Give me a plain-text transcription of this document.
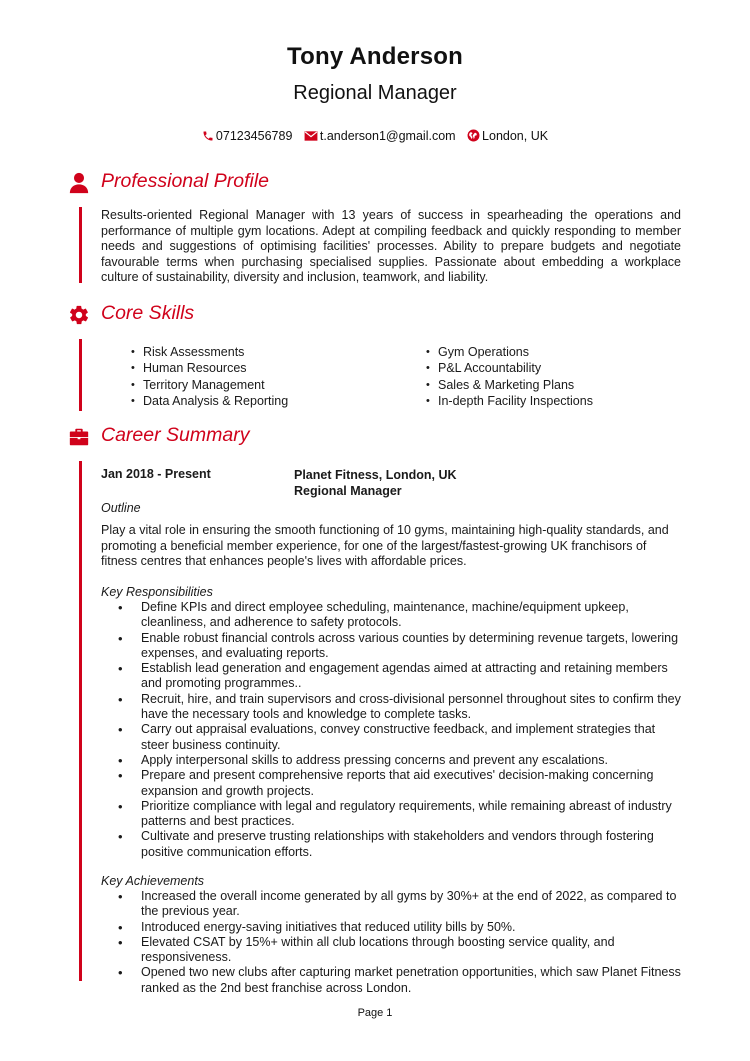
Tony Anderson
Regional Manager
07123456789 t.anderson1@gmail.com London, UK
Professional Profile
Results-oriented Regional Manager with 13 years of success in spearheading the operations and performance of multiple gym locations. Adept at compiling feedback and quickly responding to member needs and suggestions of optimising facilities' processes. Ability to prepare budgets and negotiate favourable terms when purchasing specialised supplies. Passionate about embedding a workplace culture of sustainability, diversity and inclusion, teamwork, and liability.
Core Skills
• Risk Assessments
• Human Resources
• Territory Management
• Data Analysis & Reporting
• Gym Operations
• P&L Accountability
• Sales & Marketing Plans
• In-depth Facility Inspections
Career Summary
Jan 2018 - Present	Planet Fitness, London, UK
Regional Manager
Outline
Play a vital role in ensuring the smooth functioning of 10 gyms, maintaining high-quality standards, and promoting a beneficial member experience, for one of the largest/fastest-growing UK franchisors of fitness centres that enhances people's lives with affordable prices.
Key Responsibilities
• Define KPIs and direct employee scheduling, maintenance, machine/equipment upkeep, cleanliness, and adherence to safety protocols.
• Enable robust financial controls across various counties by determining revenue targets, lowering expenses, and evaluating reports.
• Establish lead generation and engagement agendas aimed at attracting and retaining members and promoting programmes..
• Recruit, hire, and train supervisors and cross-divisional personnel throughout sites to confirm they have the necessary tools and knowledge to complete tasks.
• Carry out appraisal evaluations, convey constructive feedback, and implement strategies that steer business continuity.
• Apply interpersonal skills to address pressing concerns and prevent any escalations.
• Prepare and present comprehensive reports that aid executives' decision-making concerning expansion and growth projects.
• Prioritize compliance with legal and regulatory requirements, while remaining abreast of industry patterns and best practices.
• Cultivate and preserve trusting relationships with stakeholders and vendors through fostering positive communication efforts.
Key Achievements
• Increased the overall income generated by all gyms by 30%+ at the end of 2022, as compared to the previous year.
• Introduced energy-saving initiatives that reduced utility bills by 50%.
• Elevated CSAT by 15%+ within all club locations through boosting service quality, and responsiveness.
• Opened two new clubs after capturing market penetration opportunities, which saw Planet Fitness ranked as the 2nd best franchise across London.
Page 1
